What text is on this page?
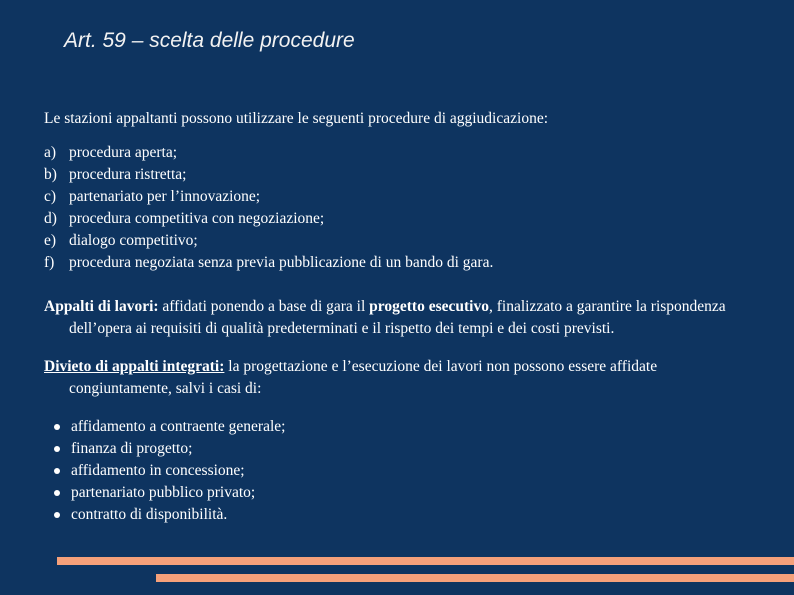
Art. 59 – scelta delle procedure

Le stazioni appaltanti possono utilizzare le seguenti procedure di aggiudicazione:

a) procedura aperta;
b) procedura ristretta;
c) partenariato per l’innovazione;
d) procedura competitiva con negoziazione;
e) dialogo competitivo;
f) procedura negoziata senza previa pubblicazione di un bando di gara.

Appalti di lavori: affidati ponendo a base di gara il progetto esecutivo, finalizzato a garantire la rispondenza dell’opera ai requisiti di qualità predeterminati e il rispetto dei tempi e dei costi previsti.

Divieto di appalti integrati: la progettazione e l’esecuzione dei lavori non possono essere affidate congiuntamente, salvi i casi di:

affidamento a contraente generale;
finanza di progetto;
affidamento in concessione;
partenariato pubblico privato;
contratto di disponibilità.
